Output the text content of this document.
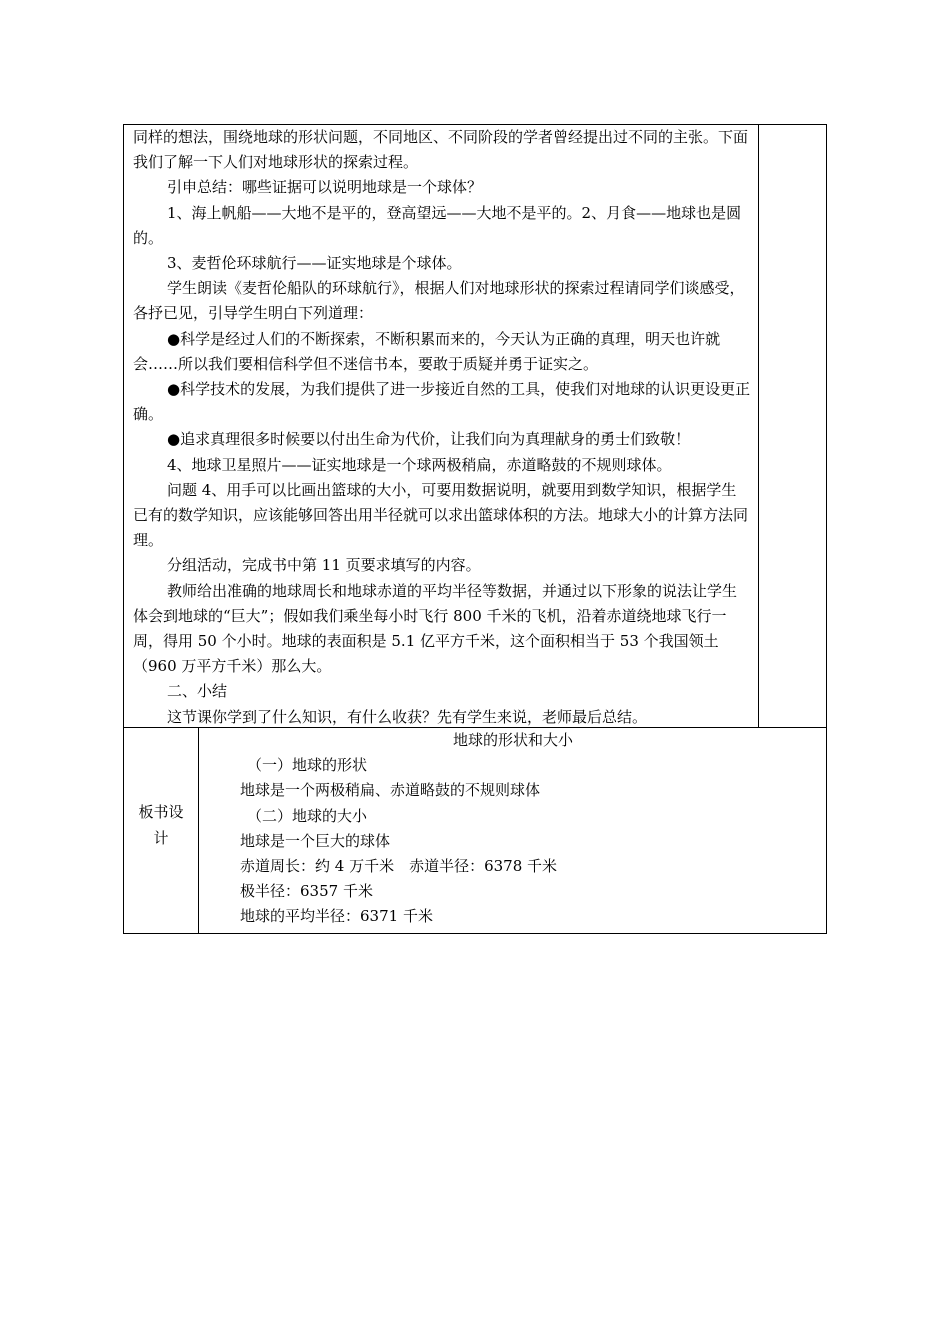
同样的想法，围绕地球的形状问题，不同地区、不同阶段的学者曾经提出过不同的主张。下面我们了解一下人们对地球形状的探索过程。

引申总结：哪些证据可以说明地球是一个球体？

1、海上帆船——大地不是平的，登高望远——大地不是平的。2、月食——地球也是圆的。

3、麦哲伦环球航行——证实地球是个球体。

学生朗读《麦哲伦船队的环球航行》，根据人们对地球形状的探索过程请同学们谈感受，各抒已见，引导学生明白下列道理：

●科学是经过人们的不断探索，不断积累而来的，今天认为正确的真理，明天也许就会……所以我们要相信科学但不迷信书本，要敢于质疑并勇于证实之。

●科学技术的发展，为我们提供了进一步接近自然的工具，使我们对地球的认识更设更正确。

●追求真理很多时候要以付出生命为代价，让我们向为真理献身的勇士们致敬！

4、地球卫星照片——证实地球是一个球两极稍扁，赤道略鼓的不规则球体。

问题 4、用手可以比画出篮球的大小，可要用数据说明，就要用到数学知识，根据学生已有的数学知识，应该能够回答出用半径就可以求出篮球体积的方法。地球大小的计算方法同理。

分组活动，完成书中第 11 页要求填写的内容。

教师给出准确的地球周长和地球赤道的平均半径等数据，并通过以下形象的说法让学生体会到地球的“巨大”；假如我们乘坐每小时飞行 800 千米的飞机，沿着赤道绕地球飞行一周，得用 50 个小时。地球的表面积是 5.1 亿平方千米，这个面积相当于 53 个我国领土（960 万平方千米）那么大。

二、小结

这节课你学到了什么知识，有什么收获？先有学生来说，老师最后总结。

板书设
计

地球的形状和大小

（一）地球的形状

地球是一个两极稍扁、赤道略鼓的不规则球体

（二）地球的大小

地球是一个巨大的球体

赤道周长：约 4 万千米　赤道半径：6378 千米

极半径：6357 千米

地球的平均半径：6371 千米
